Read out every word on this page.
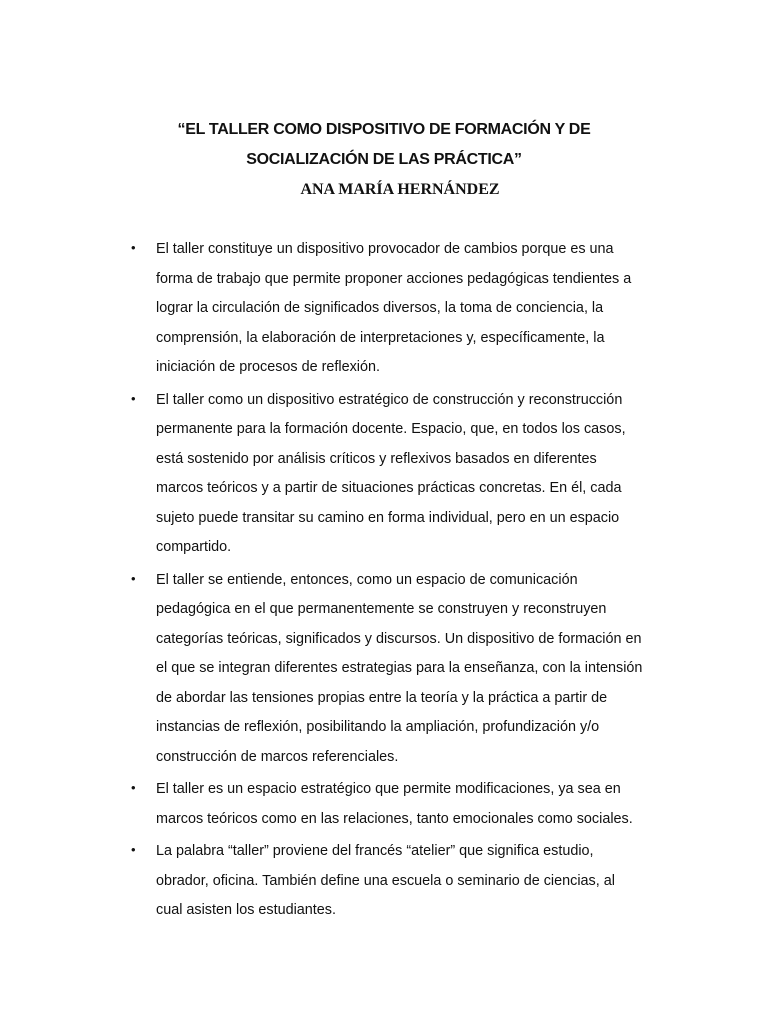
“EL TALLER COMO DISPOSITIVO DE FORMACIÓN Y DE
SOCIALIZACIÓN DE LAS PRÁCTICA”
ANA MARÍA HERNÁNDEZ
• El taller constituye un dispositivo provocador de cambios porque es una
forma de trabajo que permite proponer acciones pedagógicas tendientes a
lograr la circulación de significados diversos, la toma de conciencia, la
comprensión, la elaboración de interpretaciones y, específicamente, la
iniciación de procesos de reflexión.
• El taller como un dispositivo estratégico de construcción y reconstrucción
permanente para la formación docente. Espacio, que, en todos los casos,
está sostenido por análisis críticos y reflexivos basados en diferentes
marcos teóricos y a partir de situaciones prácticas concretas. En él, cada
sujeto puede transitar su camino en forma individual, pero en un espacio
compartido.
• El taller se entiende, entonces, como un espacio de comunicación
pedagógica en el que permanentemente se construyen y reconstruyen
categorías teóricas, significados y discursos. Un dispositivo de formación en
el que se integran diferentes estrategias para la enseñanza, con la intensión
de abordar las tensiones propias entre la teoría y la práctica a partir de
instancias de reflexión, posibilitando la ampliación, profundización y/o
construcción de marcos referenciales.
• El taller es un espacio estratégico que permite modificaciones, ya sea en
marcos teóricos como en las relaciones, tanto emocionales como sociales.
• La palabra “taller” proviene del francés “atelier” que significa estudio,
obrador, oficina. También define una escuela o seminario de ciencias, al
cual asisten los estudiantes.
